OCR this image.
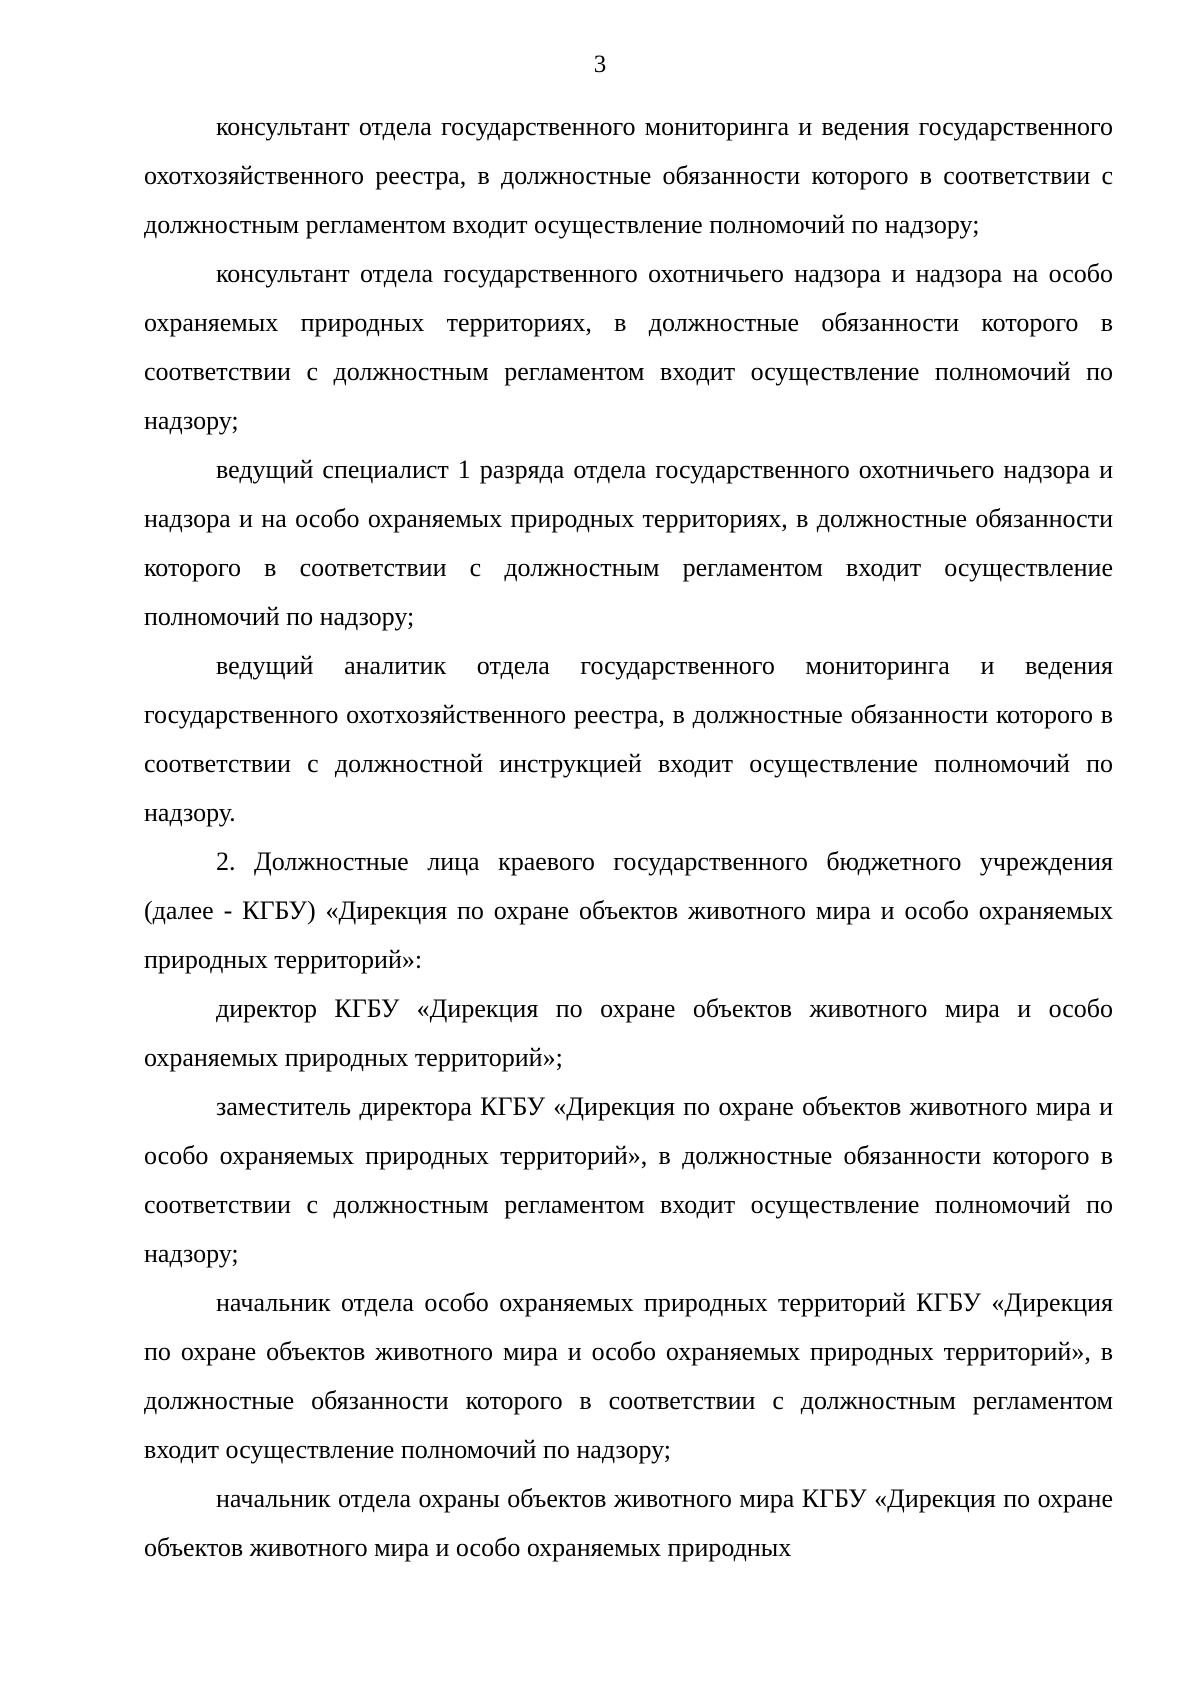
3

консультант отдела государственного мониторинга и ведения государственного охотхозяйственного реестра, в должностные обязанности которого в соответствии с должностным регламентом входит осуществление полномочий по надзору;

консультант отдела государственного охотничьего надзора и надзора на особо охраняемых природных территориях, в должностные обязанности которого в соответствии с должностным регламентом входит осуществление полномочий по надзору;

ведущий специалист 1 разряда отдела государственного охотничьего надзора и надзора и на особо охраняемых природных территориях, в должностные обязанности которого в соответствии с должностным регламентом входит осуществление полномочий по надзору;

ведущий аналитик отдела государственного мониторинга и ведения государственного охотхозяйственного реестра, в должностные обязанности которого в соответствии с должностной инструкцией входит осуществление полномочий по надзору.

2. Должностные лица краевого государственного бюджетного учреждения (далее - КГБУ) «Дирекция по охране объектов животного мира и особо охраняемых природных территорий»:

директор КГБУ «Дирекция по охране объектов животного мира и особо охраняемых природных территорий»;

заместитель директора КГБУ «Дирекция по охране объектов животного мира и особо охраняемых природных территорий», в должностные обязанности которого в соответствии с должностным регламентом входит осуществление полномочий по надзору;

начальник отдела особо охраняемых природных территорий КГБУ «Дирекция по охране объектов животного мира и особо охраняемых природных территорий», в должностные обязанности которого в соответствии с должностным регламентом входит осуществление полномочий по надзору;

начальник отдела охраны объектов животного мира КГБУ «Дирекция по охране объектов животного мира и особо охраняемых природных
